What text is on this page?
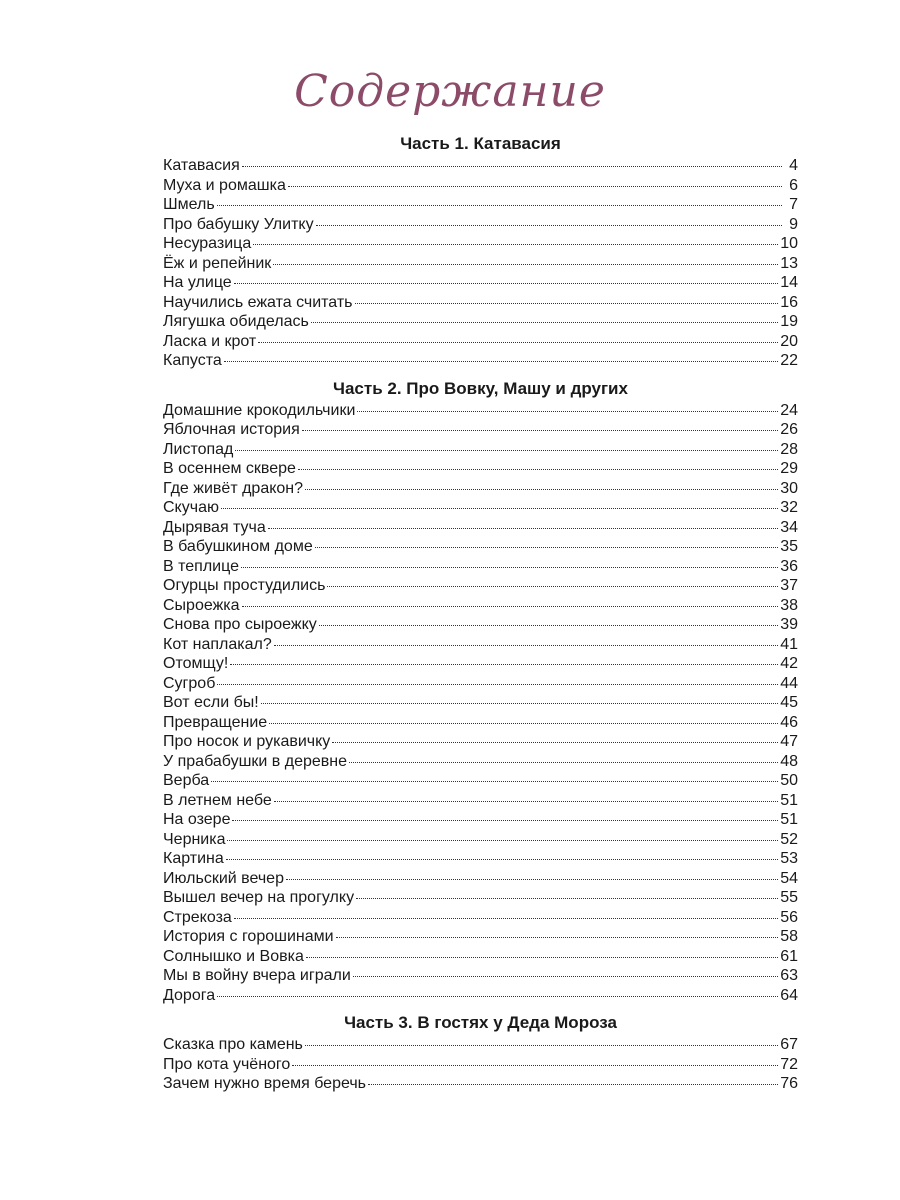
Содержание
Часть 1. Катавасия
Катавасия	4
Муха и ромашка	6
Шмель	7
Про бабушку Улитку	9
Несуразица	10
Ёж и репейник	13
На улице	14
Научились ежата считать	16
Лягушка обиделась	19
Ласка и крот	20
Капуста	22
Часть 2. Про Вовку, Машу и других
Домашние крокодильчики	24
Яблочная история	26
Листопад	28
В осеннем сквере	29
Где живёт дракон?	30
Скучаю	32
Дырявая туча	34
В бабушкином доме	35
В теплице	36
Огурцы простудились	37
Сыроежка	38
Снова про сыроежку	39
Кот наплакал?	41
Отомщу!	42
Сугроб	44
Вот если бы!	45
Превращение	46
Про носок и рукавичку	47
У прабабушки в деревне	48
Верба	50
В летнем небе	51
На озере	51
Черника	52
Картина	53
Июльский вечер	54
Вышел вечер на прогулку	55
Стрекоза	56
История с горошинами	58
Солнышко и Вовка	61
Мы в войну вчера играли	63
Дорога	64
Часть 3. В гостях у Деда Мороза
Сказка про камень	67
Про кота учёного	72
Зачем нужно время беречь	76
